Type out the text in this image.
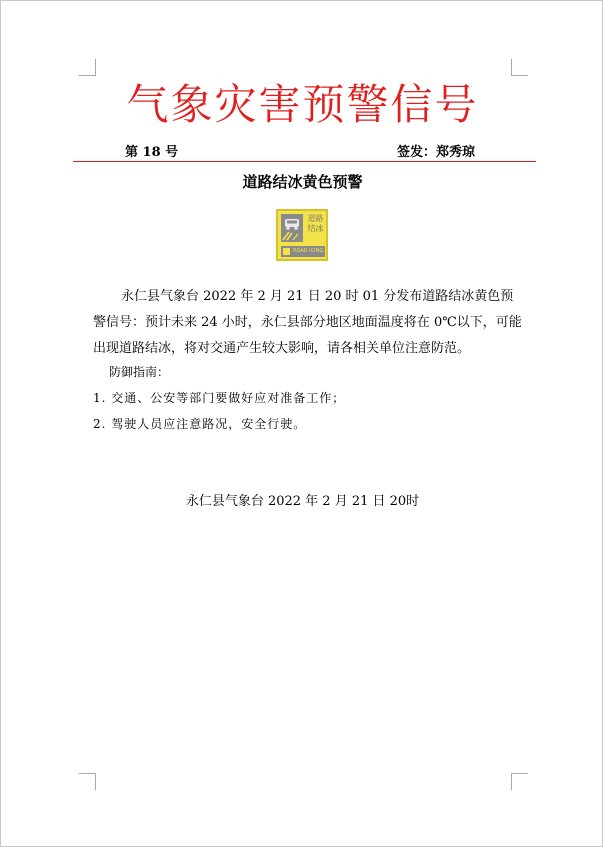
气象灾害预警信号
第 18 号	签发：郑秀琼
道路结冰黄色预警
道路结冰
ROAD ICING
永仁县气象台 2022 年 2 月 21 日 20 时 01 分发布道路结冰黄色预警信号：预计未来 24 小时，永仁县部分地区地面温度将在 0℃以下，可能出现道路结冰，将对交通产生较大影响，请各相关单位注意防范。
防御指南：
1. 交通、公安等部门要做好应对准备工作；
2. 驾驶人员应注意路况，安全行驶。
永仁县气象台 2022 年 2 月 21 日 20时
